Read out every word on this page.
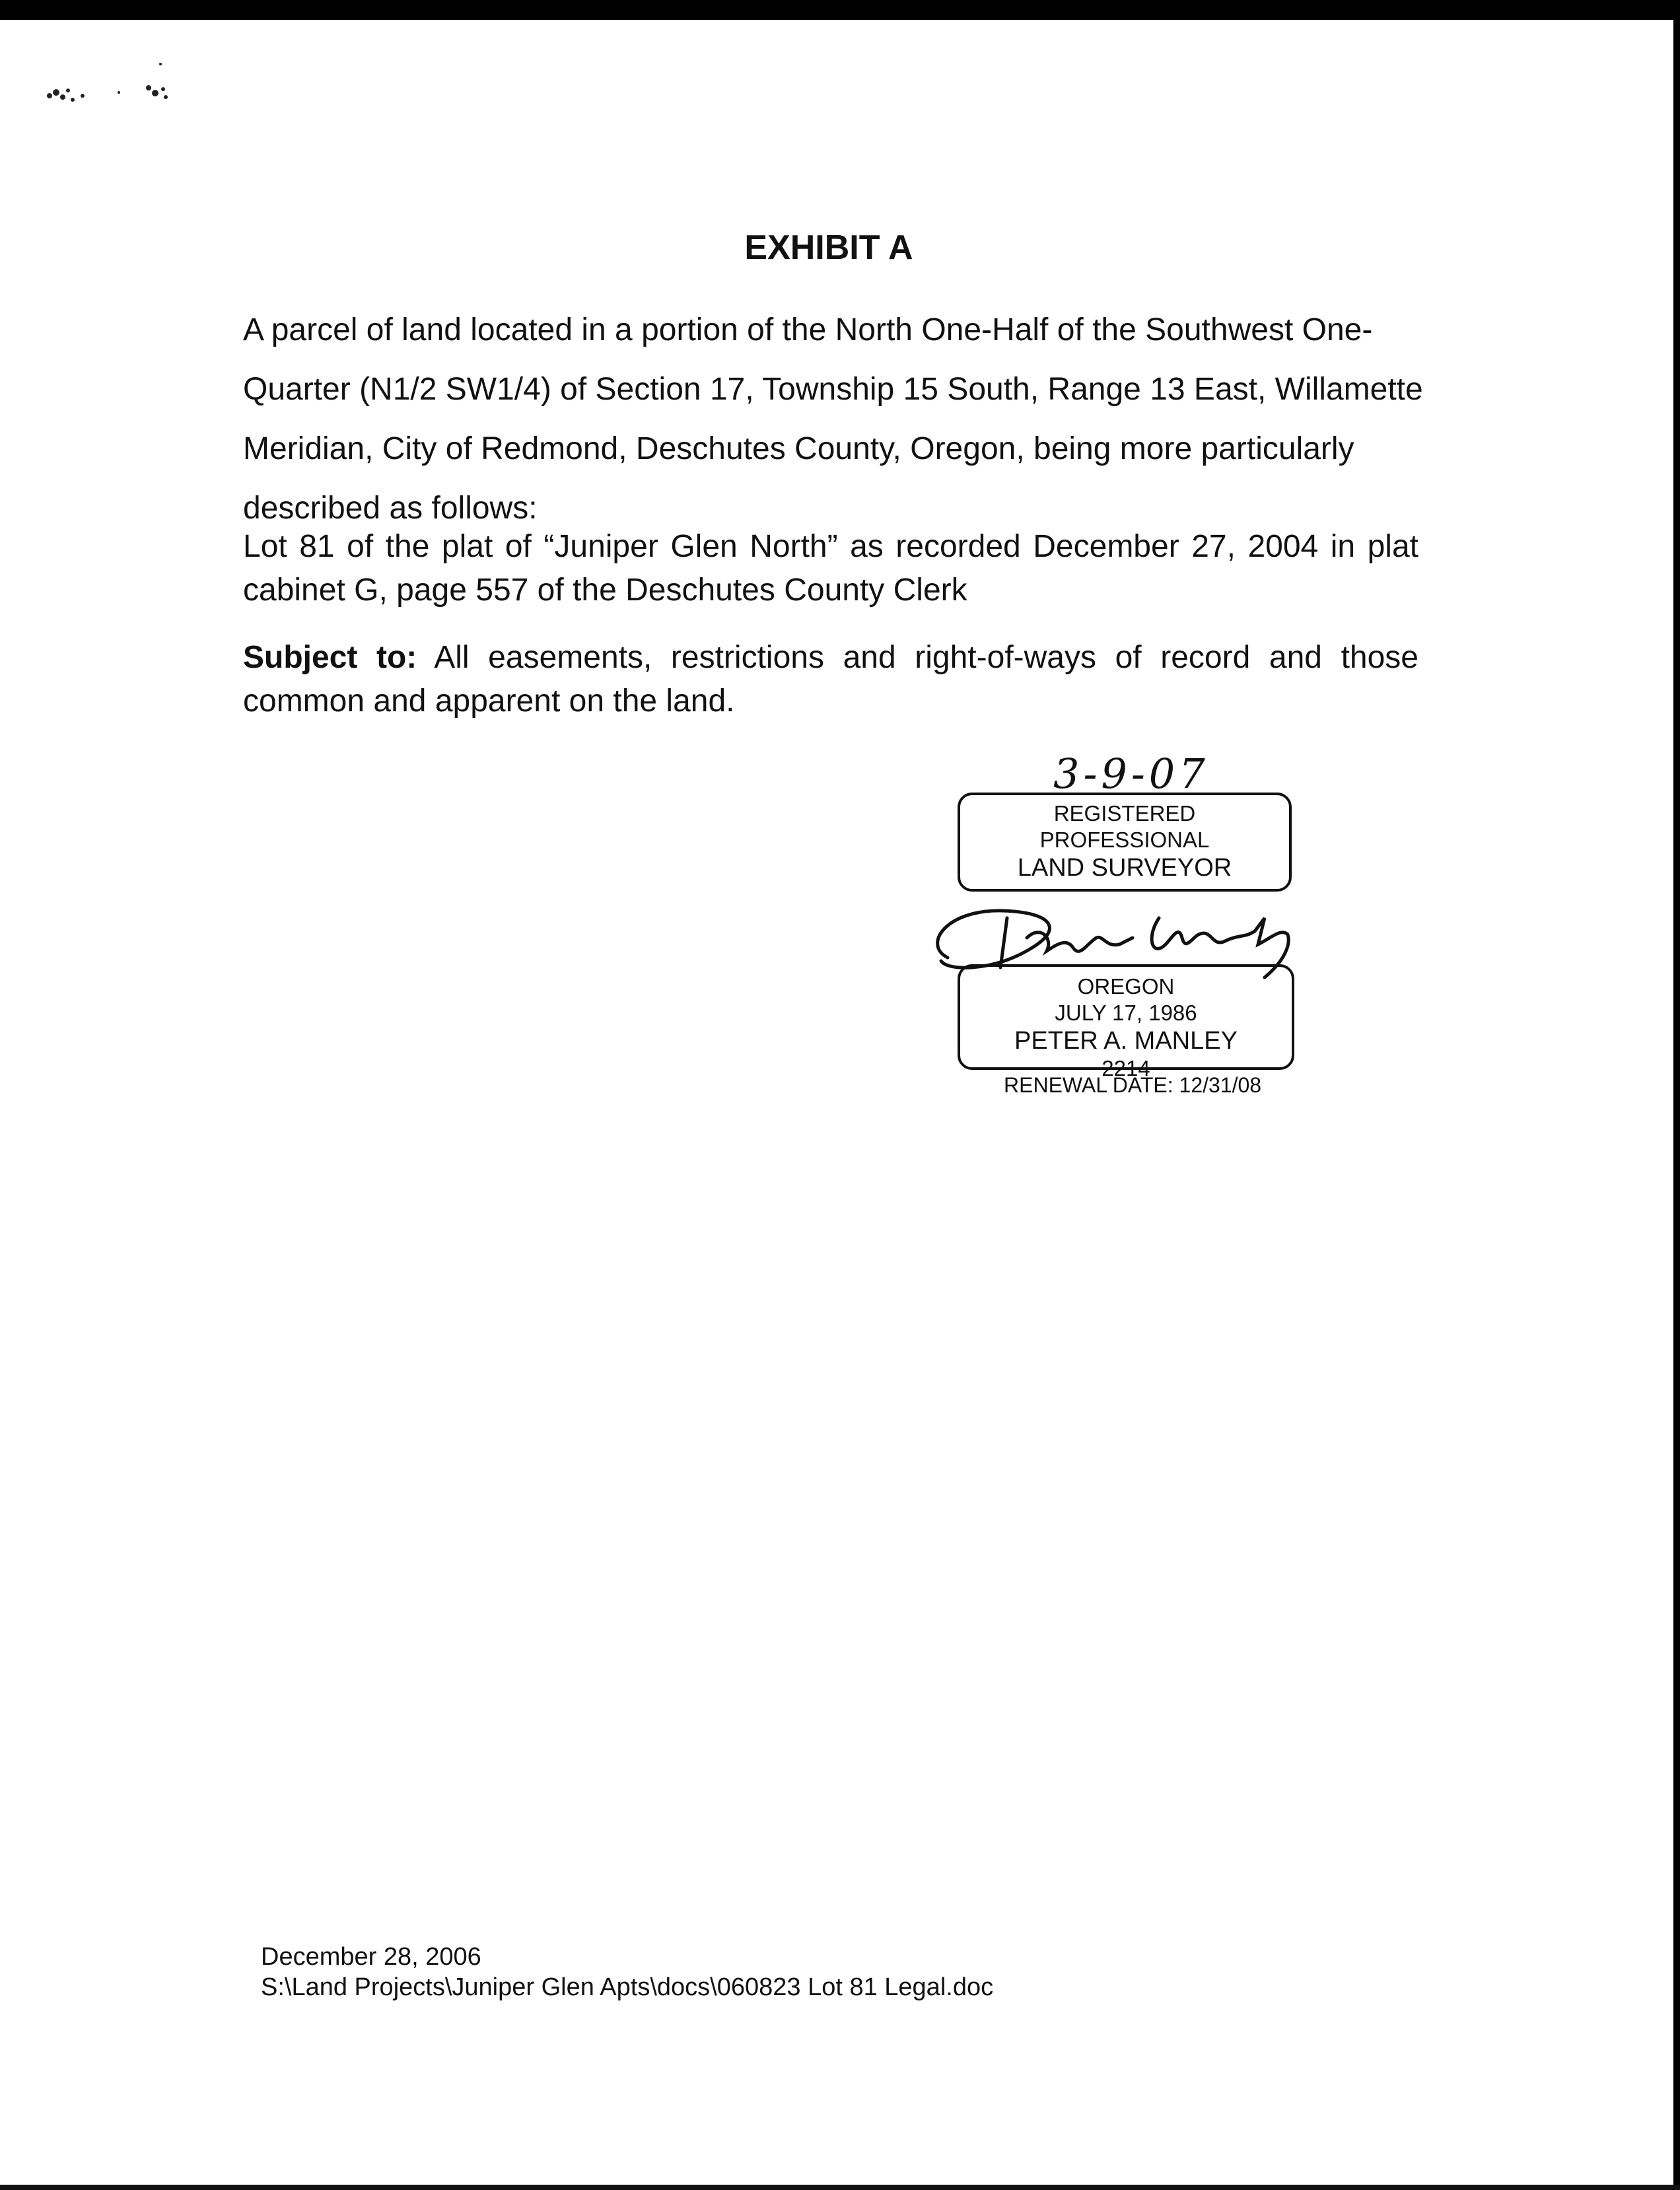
EXHIBIT A
A parcel of land located in a portion of the North One-Half of the Southwest One-Quarter (N1/2 SW1/4) of Section 17, Township 15 South, Range 13 East, Willamette Meridian, City of Redmond, Deschutes County, Oregon, being more particularly described as follows:
Lot 81 of the plat of “Juniper Glen North” as recorded December 27, 2004 in plat cabinet G, page 557 of the Deschutes County Clerk
Subject to: All easements, restrictions and right-of-ways of record and those common and apparent on the land.
3-9-07
REGISTERED
PROFESSIONAL
LAND SURVEYOR
OREGON
JULY 17, 1986
PETER A. MANLEY
2214
RENEWAL DATE: 12/31/08
December 28, 2006
S:\Land Projects\Juniper Glen Apts\docs\060823 Lot 81 Legal.doc
